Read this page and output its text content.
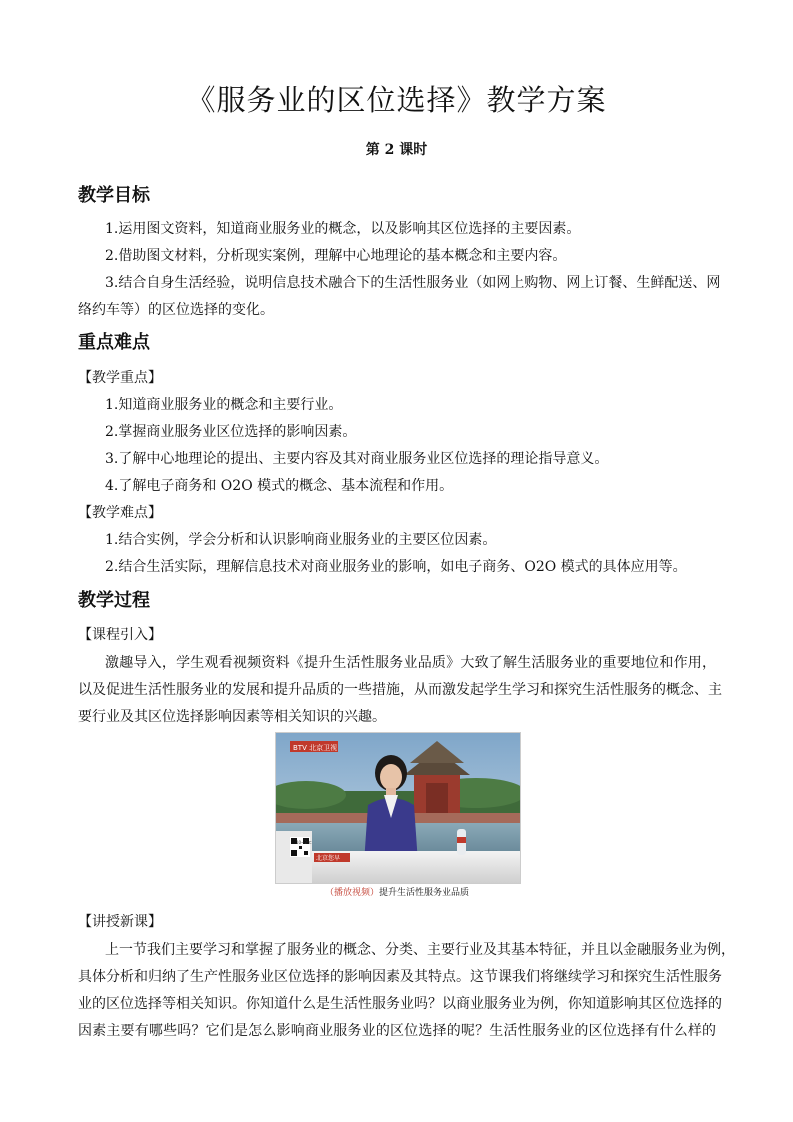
《服务业的区位选择》教学方案
第 2 课时
教学目标
1.运用图文资料，知道商业服务业的概念，以及影响其区位选择的主要因素。
2.借助图文材料，分析现实案例，理解中心地理论的基本概念和主要内容。
3.结合自身生活经验，说明信息技术融合下的生活性服务业（如网上购物、网上订餐、生鲜配送、网
络约车等）的区位选择的变化。
重点难点
【教学重点】
1.知道商业服务业的概念和主要行业。
2.掌握商业服务业区位选择的影响因素。
3.了解中心地理论的提出、主要内容及其对商业服务业区位选择的理论指导意义。
4.了解电子商务和 O2O 模式的概念、基本流程和作用。
【教学难点】
1.结合实例，学会分析和认识影响商业服务业的主要区位因素。
2.结合生活实际，理解信息技术对商业服务业的影响，如电子商务、O2O 模式的具体应用等。
教学过程
【课程引入】
激趣导入，学生观看视频资料《提升生活性服务业品质》大致了解生活服务业的重要地位和作用，
以及促进生活性服务业的发展和提升品质的一些措施，从而激发起学生学习和探究生活性服务的概念、主
要行业及其区位选择影响因素等相关知识的兴趣。
BTV 北京卫视
10~2℃
北京您早
（播放视频）提升生活性服务业品质
【讲授新课】
上一节我们主要学习和掌握了服务业的概念、分类、主要行业及其基本特征，并且以金融服务业为例，
具体分析和归纳了生产性服务业区位选择的影响因素及其特点。这节课我们将继续学习和探究生活性服务
业的区位选择等相关知识。你知道什么是生活性服务业吗？以商业服务业为例，你知道影响其区位选择的
因素主要有哪些吗？它们是怎么影响商业服务业的区位选择的呢？生活性服务业的区位选择有什么样的
